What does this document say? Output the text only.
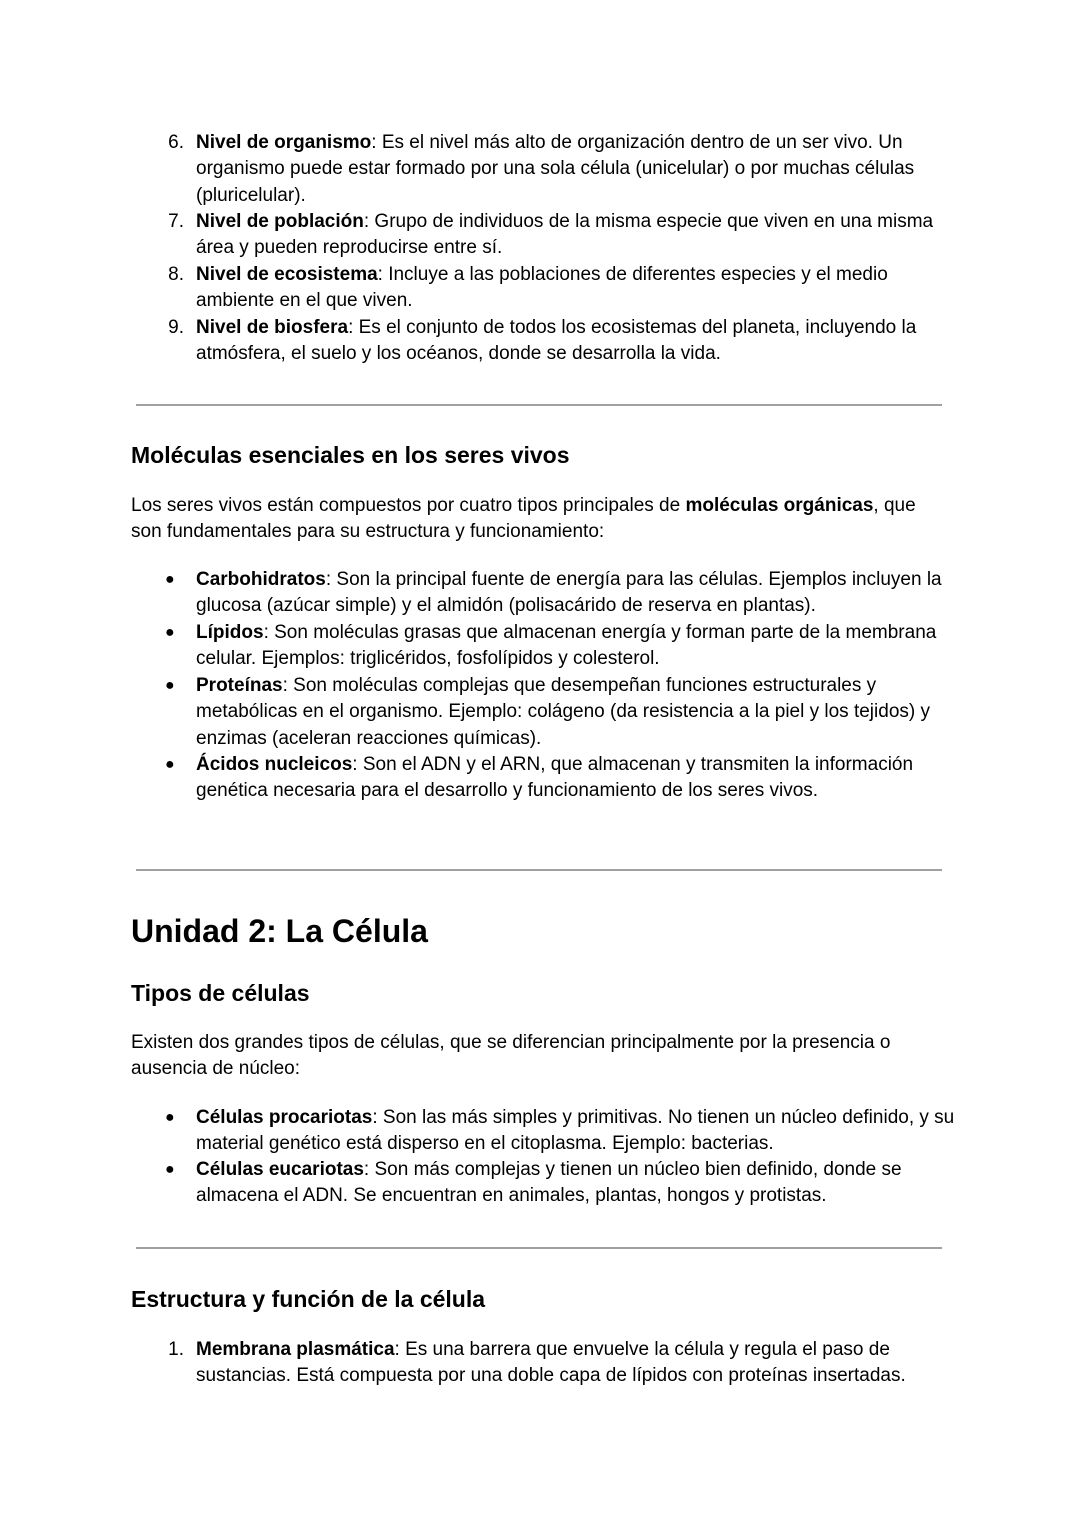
6. Nivel de organismo: Es el nivel más alto de organización dentro de un ser vivo. Un organismo puede estar formado por una sola célula (unicelular) o por muchas células (pluricelular).
7. Nivel de población: Grupo de individuos de la misma especie que viven en una misma área y pueden reproducirse entre sí.
8. Nivel de ecosistema: Incluye a las poblaciones de diferentes especies y el medio ambiente en el que viven.
9. Nivel de biosfera: Es el conjunto de todos los ecosistemas del planeta, incluyendo la atmósfera, el suelo y los océanos, donde se desarrolla la vida.
Moléculas esenciales en los seres vivos

Los seres vivos están compuestos por cuatro tipos principales de moléculas orgánicas, que son fundamentales para su estructura y funcionamiento:

● Carbohidratos: Son la principal fuente de energía para las células. Ejemplos incluyen la glucosa (azúcar simple) y el almidón (polisacárido de reserva en plantas).
● Lípidos: Son moléculas grasas que almacenan energía y forman parte de la membrana celular. Ejemplos: triglicéridos, fosfolípidos y colesterol.
● Proteínas: Son moléculas complejas que desempeñan funciones estructurales y metabólicas en el organismo. Ejemplo: colágeno (da resistencia a la piel y los tejidos) y enzimas (aceleran reacciones químicas).
● Ácidos nucleicos: Son el ADN y el ARN, que almacenan y transmiten la información genética necesaria para el desarrollo y funcionamiento de los seres vivos.
Unidad 2: La Célula
Tipos de células

Existen dos grandes tipos de células, que se diferencian principalmente por la presencia o ausencia de núcleo:

● Células procariotas: Son las más simples y primitivas. No tienen un núcleo definido, y su material genético está disperso en el citoplasma. Ejemplo: bacterias.
● Células eucariotas: Son más complejas y tienen un núcleo bien definido, donde se almacena el ADN. Se encuentran en animales, plantas, hongos y protistas.
Estructura y función de la célula
1. Membrana plasmática: Es una barrera que envuelve la célula y regula el paso de sustancias. Está compuesta por una doble capa de lípidos con proteínas insertadas.
